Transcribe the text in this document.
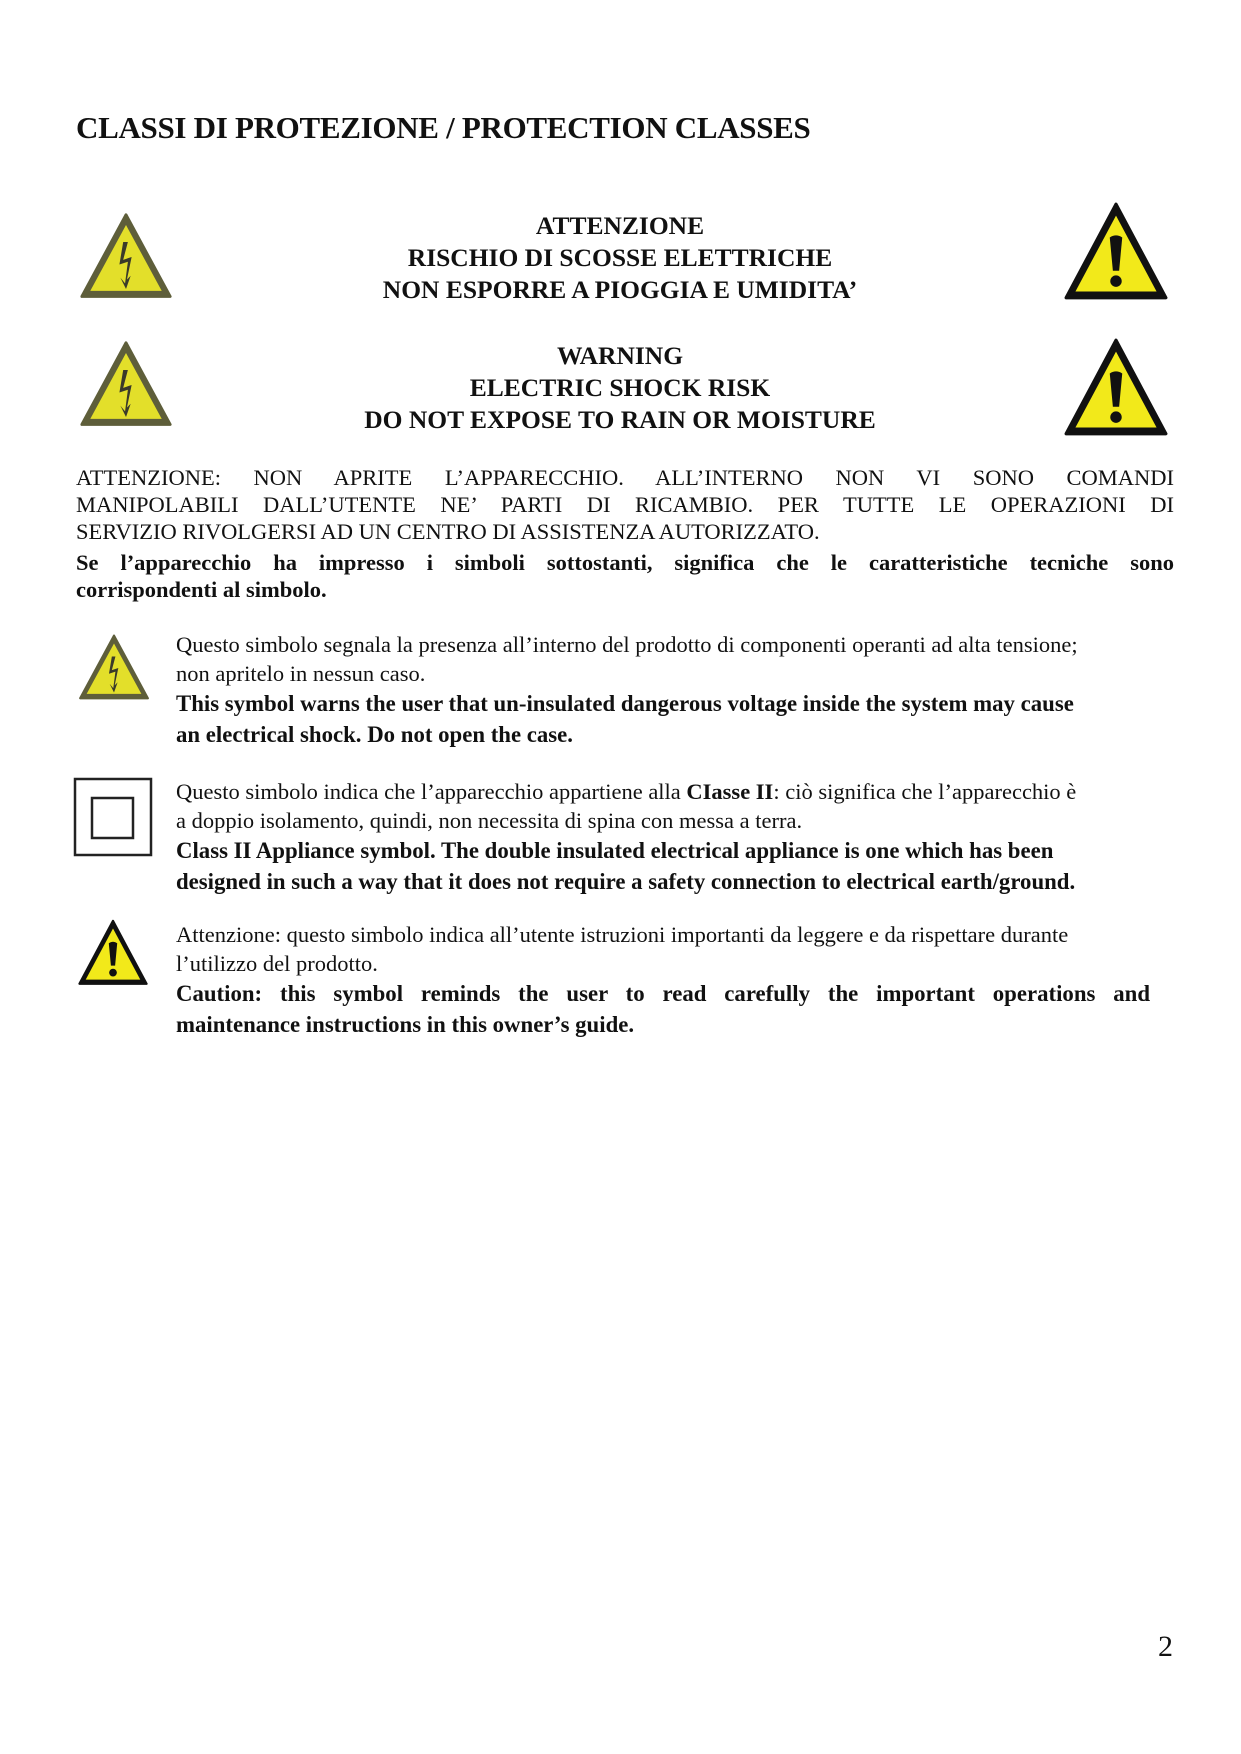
CLASSI DI PROTEZIONE / PROTECTION CLASSES
ATTENZIONE
RISCHIO DI SCOSSE ELETTRICHE
NON ESPORRE A PIOGGIA E UMIDITA’
WARNING
ELECTRIC SHOCK RISK
DO NOT EXPOSE TO RAIN OR MOISTURE
ATTENZIONE: NON APRITE L’APPARECCHIO. ALL’INTERNO NON VI SONO COMANDI
MANIPOLABILI DALL’UTENTE NE’ PARTI DI RICAMBIO. PER TUTTE LE OPERAZIONI DI
SERVIZIO RIVOLGERSI AD UN CENTRO DI ASSISTENZA AUTORIZZATO.
Se l’apparecchio ha impresso i simboli sottostanti, significa che le caratteristiche tecniche sono
corrispondenti al simbolo.
Questo simbolo segnala la presenza all’interno del prodotto di componenti operanti ad alta tensione;
non apritelo in nessun caso.
This symbol warns the user that un-insulated dangerous voltage inside the system may cause
an electrical shock. Do not open the case.
Questo simbolo indica che l’apparecchio appartiene alla CIasse II: ciò significa che l’apparecchio è
a doppio isolamento, quindi, non necessita di spina con messa a terra.
Class II Appliance symbol. The double insulated electrical appliance is one which has been
designed in such a way that it does not require a safety connection to electrical earth/ground.
Attenzione: questo simbolo indica all’utente istruzioni importanti da leggere e da rispettare durante
l’utilizzo del prodotto.
Caution: this symbol reminds the user to read carefully the important operations and
maintenance instructions in this owner’s guide.
2
